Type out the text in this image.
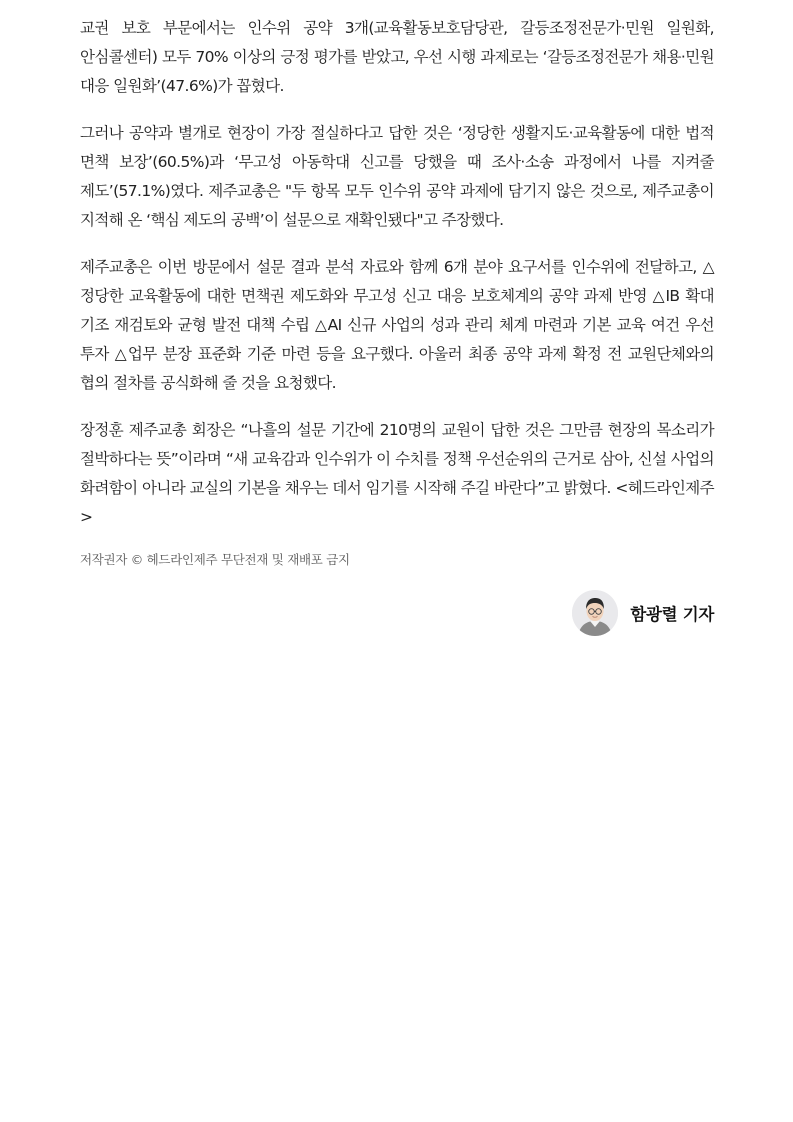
교권 보호 부문에서는 인수위 공약 3개(교육활동보호담당관, 갈등조정전문가·민원 일원화, 안심콜센터) 모두 70% 이상의 긍정 평가를 받았고, 우선 시행 과제로는 ‘갈등조정전문가 채용·민원 대응 일원화’(47.6%)가 꼽혔다.

그러나 공약과 별개로 현장이 가장 절실하다고 답한 것은 ‘정당한 생활지도·교육활동에 대한 법적 면책 보장’(60.5%)과 ‘무고성 아동학대 신고를 당했을 때 조사·소송 과정에서 나를 지켜줄 제도’(57.1%)였다. 제주교총은 "두 항목 모두 인수위 공약 과제에 담기지 않은 것으로, 제주교총이 지적해 온 ‘핵심 제도의 공백’이 설문으로 재확인됐다"고 주장했다.

제주교총은 이번 방문에서 설문 결과 분석 자료와 함께 6개 분야 요구서를 인수위에 전달하고, △정당한 교육활동에 대한 면책권 제도화와 무고성 신고 대응 보호체계의 공약 과제 반영 △IB 확대 기조 재검토와 균형 발전 대책 수립 △AI 신규 사업의 성과 관리 체계 마련과 기본 교육 여건 우선 투자 △업무 분장 표준화 기준 마련 등을 요구했다. 아울러 최종 공약 과제 확정 전 교원단체와의 협의 절차를 공식화해 줄 것을 요청했다.

장정훈 제주교총 회장은 “나흘의 설문 기간에 210명의 교원이 답한 것은 그만큼 현장의 목소리가 절박하다는 뜻”이라며 “새 교육감과 인수위가 이 수치를 정책 우선순위의 근거로 삼아, 신설 사업의 화려함이 아니라 교실의 기본을 채우는 데서 임기를 시작해 주길 바란다”고 밝혔다. <헤드라인제주>

저작권자 © 헤드라인제주 무단전재 및 재배포 금지
함광렬 기자
